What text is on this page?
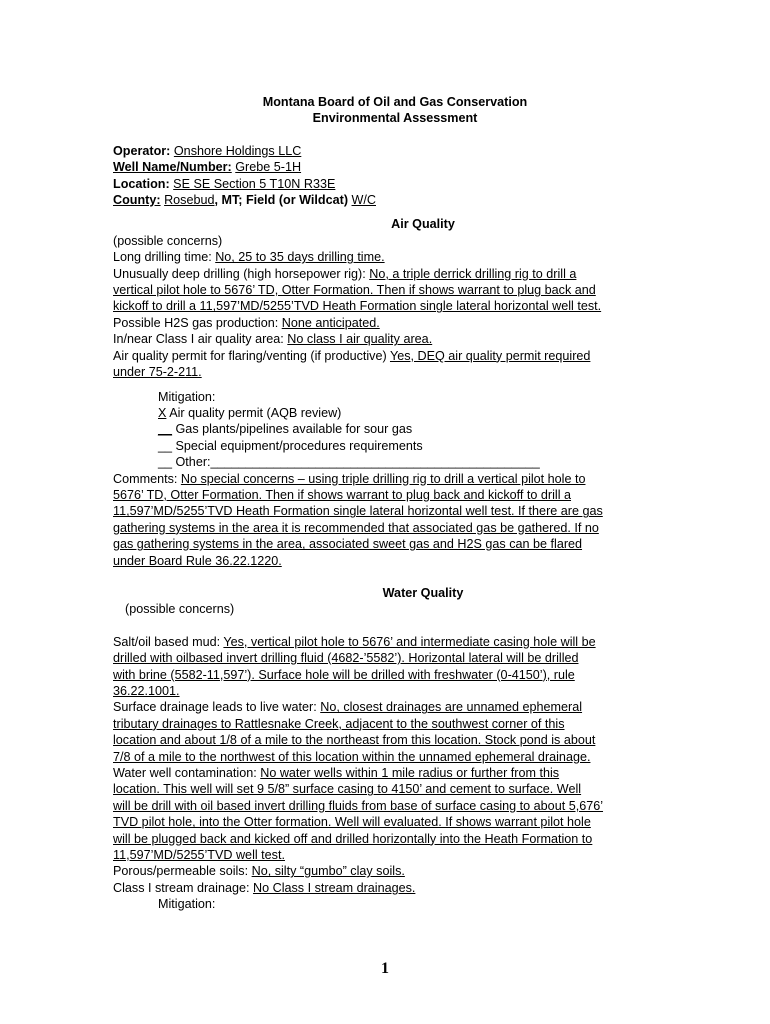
Montana Board of Oil and Gas Conservation

Environmental Assessment

Operator: Onshore Holdings LLC

Well Name/Number: Grebe 5-1H

Location: SE SE Section 5 T10N R33E

County: Rosebud, MT; Field (or Wildcat) W/C

Air Quality

(possible concerns)

Long drilling time: No, 25 to 35 days drilling time.

Unusually deep drilling (high horsepower rig): No, a triple derrick drilling rig to drill a

vertical pilot hole to 5676’ TD, Otter Formation. Then if shows warrant to plug back and

kickoff to drill a 11,597’MD/5255’TVD Heath Formation single lateral horizontal well test.

Possible H2S gas production: None anticipated.

In/near Class I air quality area: No class I air quality area.

Air quality permit for flaring/venting (if productive) Yes, DEQ air quality permit required

under 75-2-211.

Mitigation:

X Air quality permit (AQB review)

__ Gas plants/pipelines available for sour gas

__ Special equipment/procedures requirements

__ Other:_______________________________________________

Comments: No special concerns – using triple drilling rig to drill a vertical pilot hole to

5676’ TD, Otter Formation. Then if shows warrant to plug back and kickoff to drill a

11,597’MD/5255’TVD Heath Formation single lateral horizontal well test. If there are gas

gathering systems in the area it is recommended that associated gas be gathered. If no

gas gathering systems in the area, associated sweet gas and H2S gas can be flared

under Board Rule 36.22.1220.

Water Quality

(possible concerns)

Salt/oil based mud: Yes, vertical pilot hole to 5676’ and intermediate casing hole will be

drilled with oilbased invert drilling fluid (4682-’5582’). Horizontal lateral will be drilled

with brine (5582-11,597’). Surface hole will be drilled with freshwater (0-4150’), rule

36.22.1001.

Surface drainage leads to live water: No, closest drainages are unnamed ephemeral

tributary drainages to Rattlesnake Creek, adjacent to the southwest corner of this

location and about 1/8 of a mile to the northeast from this location. Stock pond is about

7/8 of a mile to the northwest of this location within the unnamed ephemeral drainage.

Water well contamination: No water wells within 1 mile radius or further from this

location. This well will set 9 5/8” surface casing to 4150’ and cement to surface. Well

will be drill with oil based invert drilling fluids from base of surface casing to about 5,676’

TVD pilot hole, into the Otter formation. Well will evaluated. If shows warrant pilot hole

will be plugged back and kicked off and drilled horizontally into the Heath Formation to

11,597’MD/5255’TVD well test.

Porous/permeable soils: No, silty “gumbo” clay soils.

Class I stream drainage: No Class I stream drainages.

Mitigation:

1
